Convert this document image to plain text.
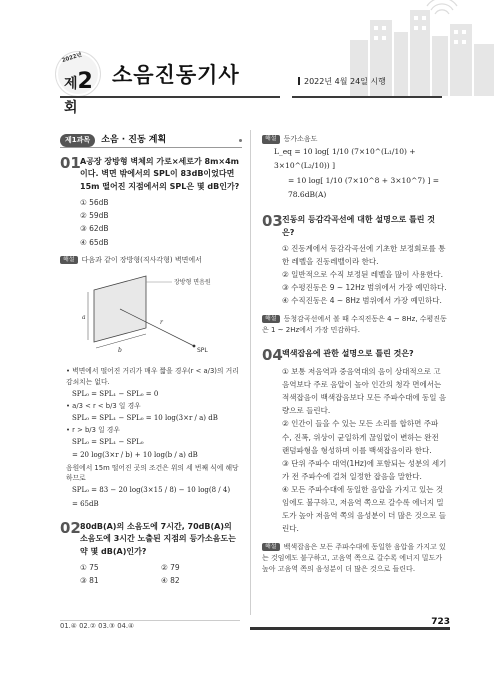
2022년
제2회
소음진동기사	2022년 4월 24일 시행
제1과목	소음 · 진동 계획
01 A공장 장방형 벽체의 가로×세로가 8m×4m이다. 벽면 밖에서의 SPL이 83dB이었다면 15m 떨어진 지점에서의 SPL은 몇 dB인가?
① 56dB
② 59dB
③ 62dB
④ 65dB
해설 다음과 같이 장방형(직사각형) 벽면에서
장방형 면음원
SPL
a
b
r
• 벽면에서 떨어진 거리가 매우 짧을 경우(r < a/3)의 거리감쇠치는 없다.
SPL₀ = SPL₁ − SPL₀ = 0
• a/3 < r < b/3 일 경우
SPL₀ = SPL₁ − SPL₀ = 10 log(3×r / a) dB
• r > b/3 일 경우
SPL₀ = SPL₁ − SPL₀
= 20 log(3×r / b) + 10 log(b / a) dB
음원에서 15m 떨어진 곳의 조건은 위의 세 번째 식에 해당하므로
SPL₀ = 83 − 20 log(3×15 / 8) − 10 log(8 / 4)
= 65dB
02 80dB(A)의 소음도에 7시간, 70dB(A)의 소음도에 3시간 노출된 지점의 등가소음도는 약 몇 dB(A)인가?
① 75	② 79
③ 81	④ 82
해설 등가소음도
L_eq = 10 log[ 1/10 (7×10^(L₁/10) + 3×10^(L₂/10)) ]
= 10 log[ 1/10 (7×10^8 + 3×10^7) ] = 78.6dB(A)
03 진동의 등감각곡선에 대한 설명으로 틀린 것은?
① 진동계에서 등감각곡선에 기초한 보정회로를 통한 레벨을 진동레벨이라 한다.
② 일반적으로 수직 보정된 레벨을 많이 사용한다.
③ 수평진동은 9 ~ 12Hz 범위에서 가장 예민하다.
④ 수직진동은 4 ~ 8Hz 범위에서 가장 예민하다.
해설 등청감곡선에서 볼 때 수직진동은 4 ~ 8Hz, 수평진동은 1 ~ 2Hz에서 가장 민감하다.
04 백색잡음에 관한 설명으로 틀린 것은?
① 보통 저음역과 중음역대의 음이 상대적으로 고음역보다 주로 음압이 높아 인간의 청각 면에서는 적색잡음이 백색잡음보다 모든 주파수대에 동일 음량으로 들린다.
② 인간이 들을 수 있는 모든 소리를 합하면 주파수, 진폭, 위상이 균일하게 끊임없이 변하는 완전 랜덤파형을 형성하며 이를 백색잡음이라 한다.
③ 단위 주파수 대역(1Hz)에 포함되는 성분의 세기가 전 주파수에 걸쳐 일정한 잡음을 말한다.
④ 모든 주파수대에 동일한 음압을 가지고 있는 것임에도 불구하고, 저음역 쪽으로 갈수록 에너지 밀도가 높아 저음역 쪽의 음성분이 더 많은 것으로 들린다.
해설 백색잡음은 모든 주파수대에 동일한 음압을 가지고 있는 것임에도 불구하고, 고음역 쪽으로 갈수록 에너지 밀도가 높아 고음역 쪽의 음성분이 더 많은 것으로 들린다.
01.④ 02.② 03.③ 04.④	723
